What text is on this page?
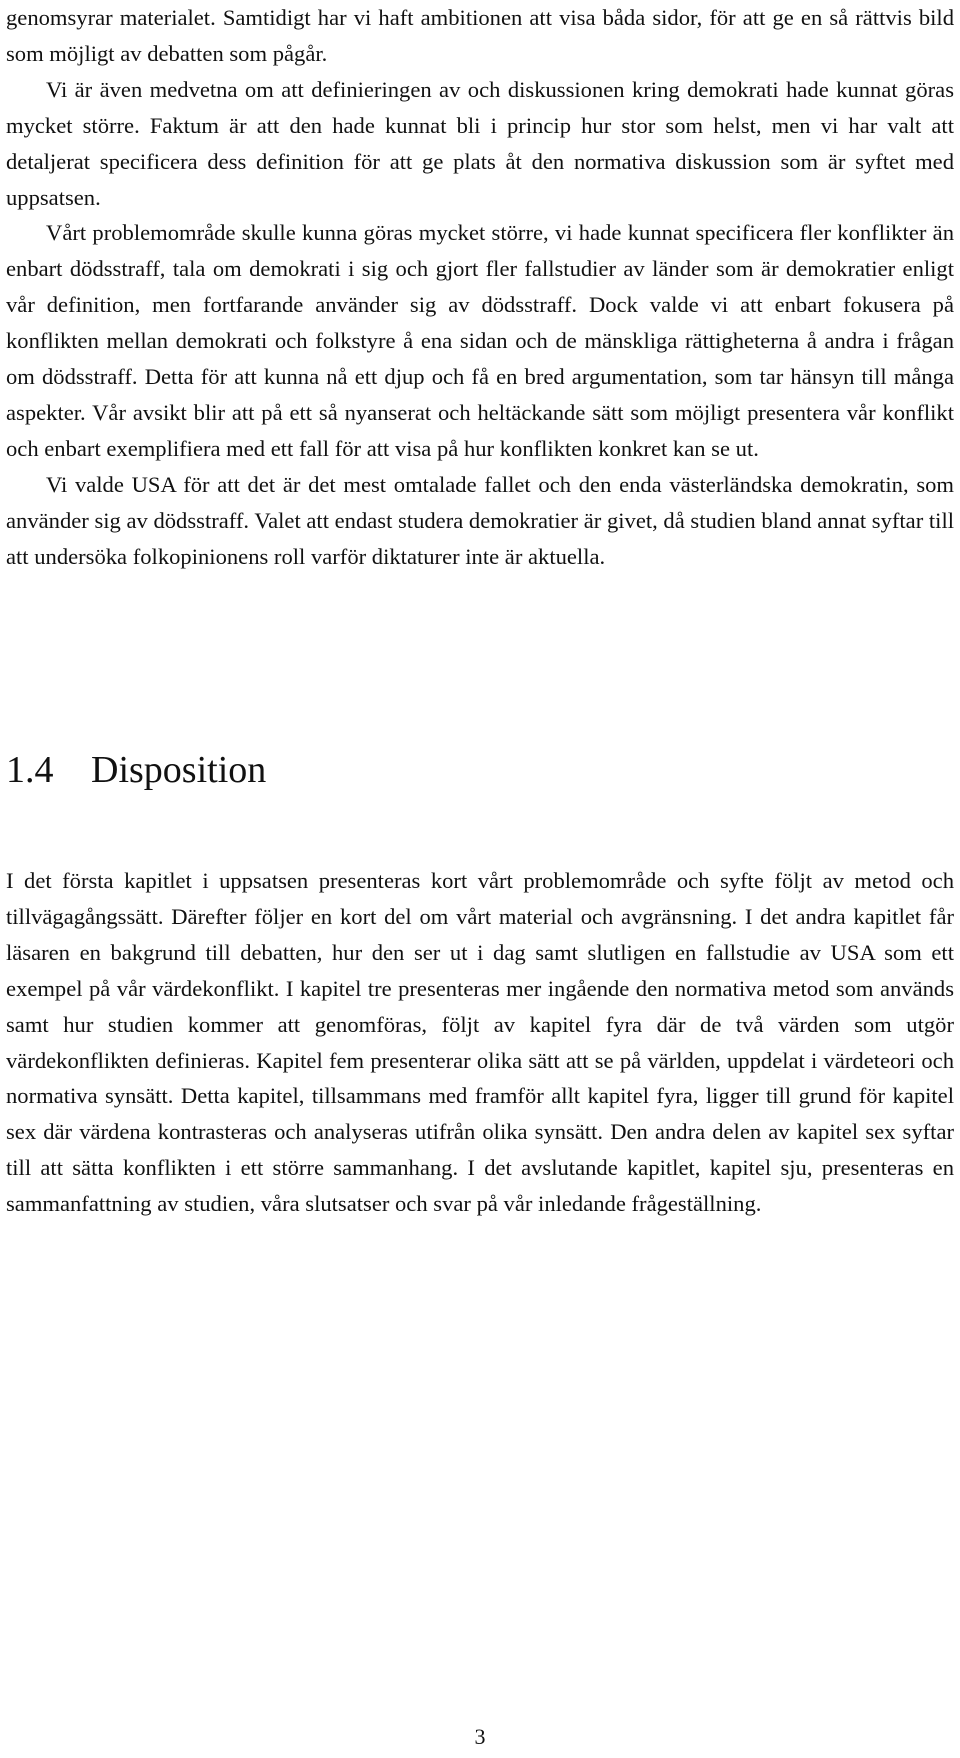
genomsyrar materialet. Samtidigt har vi haft ambitionen att visa båda sidor, för att ge en så rättvis bild som möjligt av debatten som pågår.
Vi är även medvetna om att definieringen av och diskussionen kring demokrati hade kunnat göras mycket större. Faktum är att den hade kunnat bli i princip hur stor som helst, men vi har valt att detaljerat specificera dess definition för att ge plats åt den normativa diskussion som är syftet med uppsatsen.
Vårt problemområde skulle kunna göras mycket större, vi hade kunnat specificera fler konflikter än enbart dödsstraff, tala om demokrati i sig och gjort fler fallstudier av länder som är demokratier enligt vår definition, men fortfarande använder sig av dödsstraff. Dock valde vi att enbart fokusera på konflikten mellan demokrati och folkstyre å ena sidan och de mänskliga rättigheterna å andra i frågan om dödsstraff. Detta för att kunna nå ett djup och få en bred argumentation, som tar hänsyn till många aspekter. Vår avsikt blir att på ett så nyanserat och heltäckande sätt som möjligt presentera vår konflikt och enbart exemplifiera med ett fall för att visa på hur konflikten konkret kan se ut.
Vi valde USA för att det är det mest omtalade fallet och den enda västerländska demokratin, som använder sig av dödsstraff. Valet att endast studera demokratier är givet, då studien bland annat syftar till att undersöka folkopinionens roll varför diktaturer inte är aktuella.

1.4 Disposition

I det första kapitlet i uppsatsen presenteras kort vårt problemområde och syfte följt av metod och tillvägagångssätt. Därefter följer en kort del om vårt material och avgränsning. I det andra kapitlet får läsaren en bakgrund till debatten, hur den ser ut i dag samt slutligen en fallstudie av USA som ett exempel på vår värdekonflikt. I kapitel tre presenteras mer ingående den normativa metod som används samt hur studien kommer att genomföras, följt av kapitel fyra där de två värden som utgör värdekonflikten definieras. Kapitel fem presenterar olika sätt att se på världen, uppdelat i värdeteori och normativa synsätt. Detta kapitel, tillsammans med framför allt kapitel fyra, ligger till grund för kapitel sex där värdena kontrasteras och analyseras utifrån olika synsätt. Den andra delen av kapitel sex syftar till att sätta konflikten i ett större sammanhang. I det avslutande kapitlet, kapitel sju, presenteras en sammanfattning av studien, våra slutsatser och svar på vår inledande frågeställning.

3
